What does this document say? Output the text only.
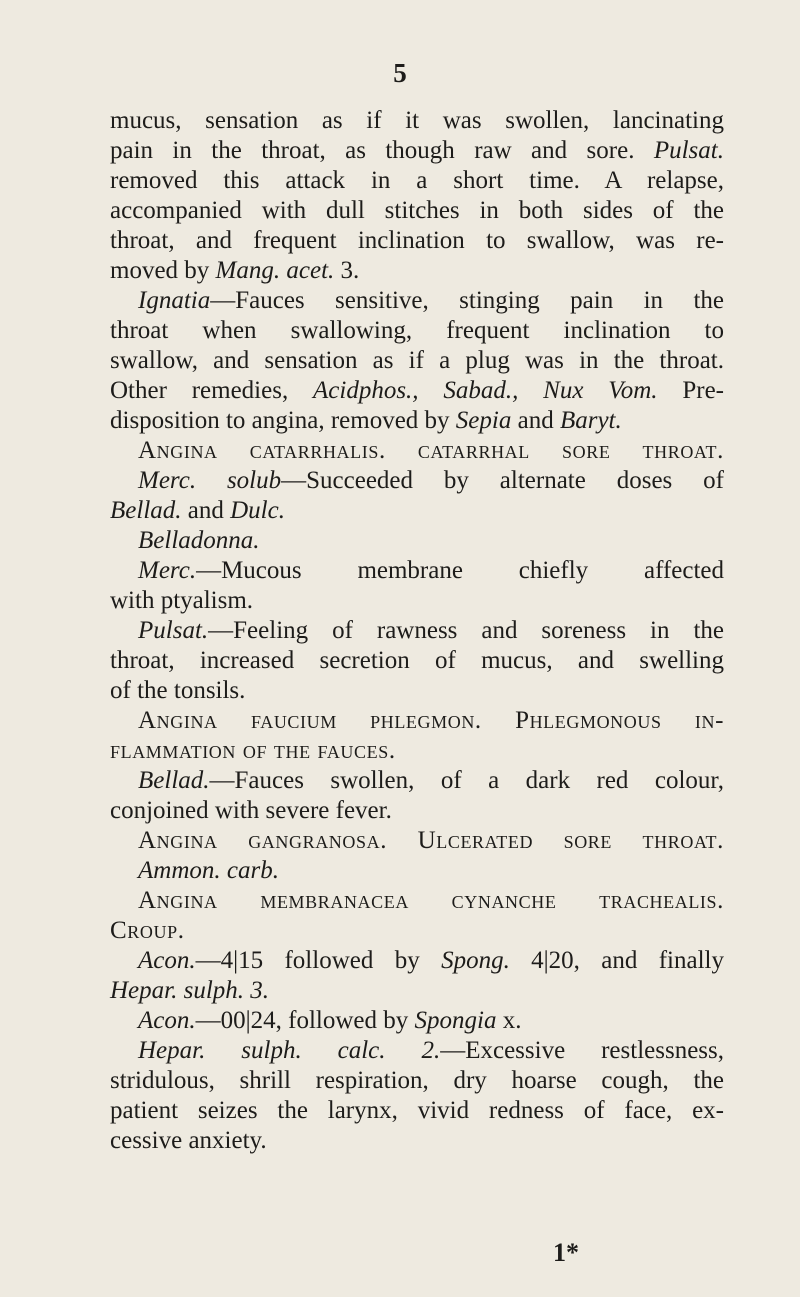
5
mucus, sensation as if it was swollen, lancinating
pain in the throat, as though raw and sore. Pulsat.
removed this attack in a short time. A relapse,
accompanied with dull stitches in both sides of the
throat, and frequent inclination to swallow, was re-
moved by Mang. acet. 3.
Ignatia—Fauces sensitive, stinging pain in the
throat when swallowing, frequent inclination to
swallow, and sensation as if a plug was in the throat.
Other remedies, Acidphos., Sabad., Nux Vom. Pre-
disposition to angina, removed by Sepia and Baryt.
Angina catarrhalis. catarrhal sore throat.
Merc. solub—Succeeded by alternate doses of
Bellad. and Dulc.
Belladonna.
Merc.—Mucous membrane chiefly affected
with ptyalism.
Pulsat.—Feeling of rawness and soreness in the
throat, increased secretion of mucus, and swelling
of the tonsils.
Angina faucium phlegmon. Phlegmonous in-
flammation of the fauces.
Bellad.—Fauces swollen, of a dark red colour,
conjoined with severe fever.
Angina gangranosa. Ulcerated sore throat.
Ammon. carb.
Angina membranacea cynanche trachealis.
Croup.
Acon.—4|15 followed by Spong. 4|20, and finally
Hepar. sulph. 3.
Acon.—00|24, followed by Spongia x.
Hepar. sulph. calc. 2.—Excessive restlessness,
stridulous, shrill respiration, dry hoarse cough, the
patient seizes the larynx, vivid redness of face, ex-
cessive anxiety.
1*
